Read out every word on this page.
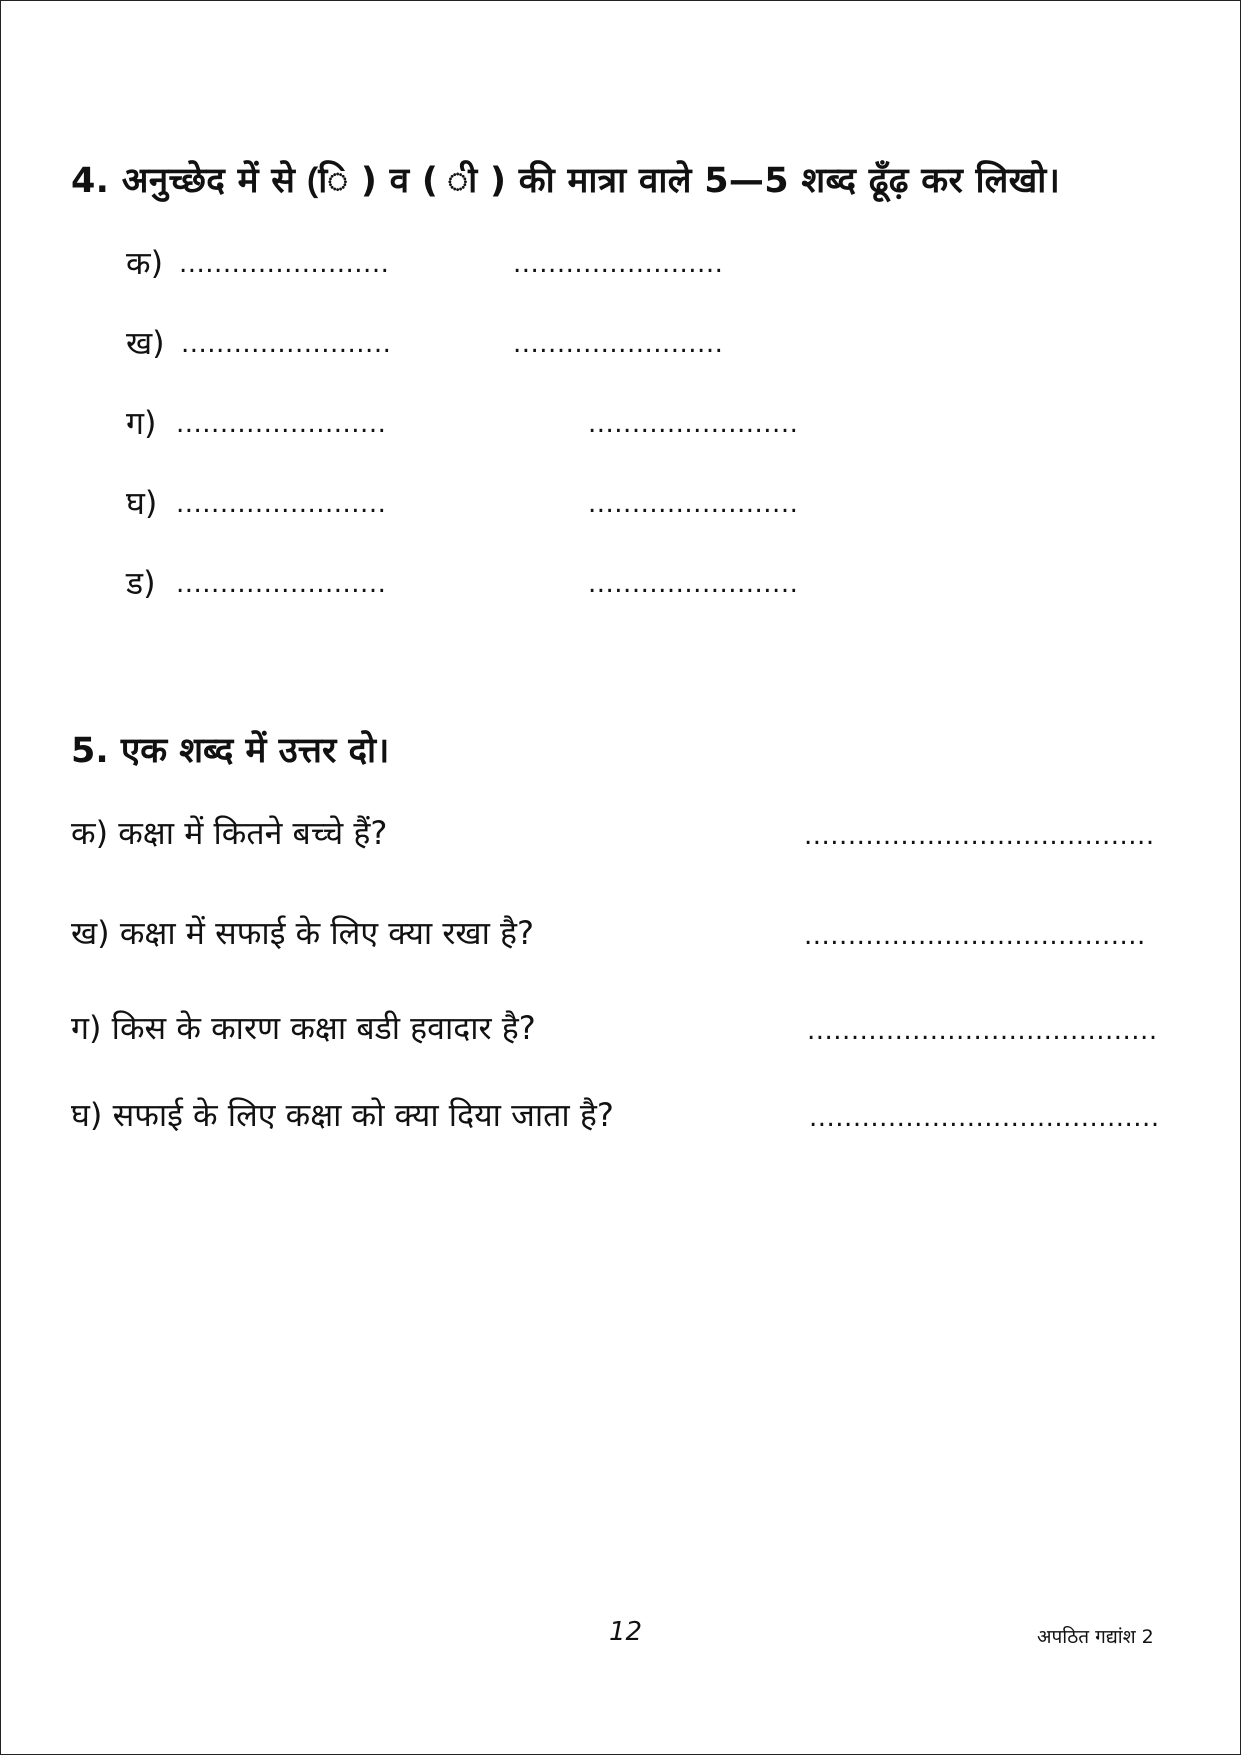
4. अनुच्छेद में से (ि ) व ( ी ) की मात्रा वाले 5—5 शब्द ढूँढ़ कर लिखो।
क) ........................	........................
ख) ........................	........................
ग) ........................	........................
घ) ........................	........................
ड) ........................	........................
5. एक शब्द में उत्तर दो।
क) कक्षा में कितने बच्चे हैं?	........................................
ख) कक्षा में सफाई के लिए क्या रखा है?	.......................................
ग) किस के कारण कक्षा बडी हवादार है?	........................................
घ) सफाई के लिए कक्षा को क्या दिया जाता है?	........................................
12	अपठित गद्यांश 2
